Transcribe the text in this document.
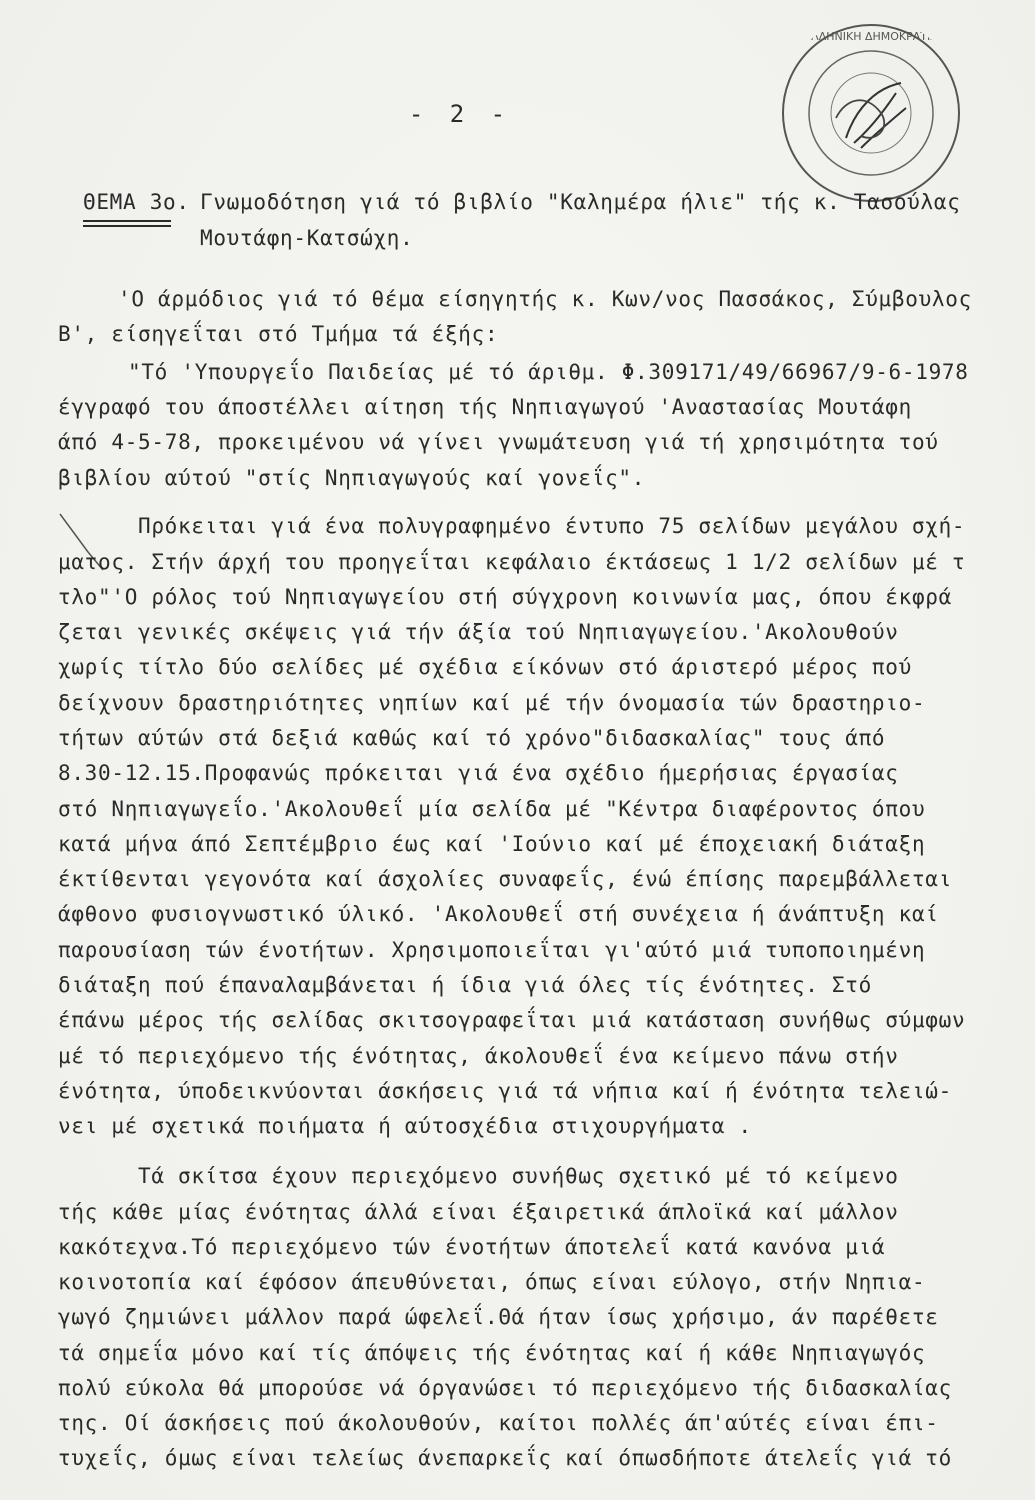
ΕΛΛΗΝΙΚΗ ΔΗΜΟΚΡΑΤΙΑ
- 2 -
ΘΕΜΑ 3ο. Γνωμοδότηση γιά τό βιβλίο "Καλημέρα ήλιε" τής κ. Τασούλας
Μουτάφη-Κατσώχη.
'Ο άρμόδιος γιά τό θέμα είσηγητής κ. Κων/νος Πασσάκος, Σύμβουλος
Β', είσηγεΐται στό Τμήμα τά έξής:
"Τό 'Υπουργεΐο Παιδείας μέ τό άριθμ. Φ.309171/49/66967/9-6-1978
έγγραφό του άποστέλλει αίτηση τής Νηπιαγωγού 'Αναστασίας Μουτάφη
άπό 4-5-78, προκειμένου νά γίνει γνωμάτευση γιά τή χρησιμότητα τού
βιβλίου αύτού "στίς Νηπιαγωγούς καί γονεΐς".
Πρόκειται γιά ένα πολυγραφημένο έντυπο 75 σελίδων μεγάλου σχή-
ματος. Στήν άρχή του προηγεΐται κεφάλαιο έκτάσεως 1 1/2 σελίδων μέ τ
τλο"'Ο ρόλος τού Νηπιαγωγείου στή σύγχρονη κοινωνία μας, όπου έκφρά
ζεται γενικές σκέψεις γιά τήν άξία τού Νηπιαγωγείου.'Ακολουθούν
χωρίς τίτλο δύο σελίδες μέ σχέδια είκόνων στό άριστερό μέρος πού
δείχνουν δραστηριότητες νηπίων καί μέ τήν όνομασία τών δραστηριο-
τήτων αύτών στά δεξιά καθώς καί τό χρόνο"διδασκαλίας" τους άπό
8.30-12.15.Προφανώς πρόκειται γιά ένα σχέδιο ήμερήσιας έργασίας
στό Νηπιαγωγεΐο.'Ακολουθεΐ μία σελίδα μέ "Κέντρα διαφέροντος όπου
κατά μήνα άπό Σεπτέμβριο έως καί 'Ιούνιο καί μέ έποχειακή διάταξη
έκτίθενται γεγονότα καί άσχολίες συναφεΐς, ένώ έπίσης παρεμβάλλεται
άφθονο φυσιογνωστικό ύλικό. 'Ακολουθεΐ στή συνέχεια ή άνάπτυξη καί
παρουσίαση τών ένοτήτων. Χρησιμοποιεΐται γι'αύτό μιά τυποποιημένη
διάταξη πού έπαναλαμβάνεται ή ίδια γιά όλες τίς ένότητες. Στό
έπάνω μέρος τής σελίδας σκιτσογραφεΐται μιά κατάσταση συνήθως σύμφων
μέ τό περιεχόμενο τής ένότητας, άκολουθεΐ ένα κείμενο πάνω στήν
ένότητα, ύποδεικνύονται άσκήσεις γιά τά νήπια καί ή ένότητα τελειώ-
νει μέ σχετικά ποιήματα ή αύτοσχέδια στιχουργήματα .
Τά σκίτσα έχουν περιεχόμενο συνήθως σχετικό μέ τό κείμενο
τής κάθε μίας ένότητας άλλά είναι έξαιρετικά άπλοϊκά καί μάλλον
κακότεχνα.Τό περιεχόμενο τών ένοτήτων άποτελεΐ κατά κανόνα μιά
κοινοτοπία καί έφόσον άπευθύνεται, όπως είναι εύλογο, στήν Νηπια-
γωγό ζημιώνει μάλλον παρά ώφελεΐ.Θά ήταν ίσως χρήσιμο, άν παρέθετε
τά σημεΐα μόνο καί τίς άπόψεις τής ένότητας καί ή κάθε Νηπιαγωγός
πολύ εύκολα θά μπορούσε νά όργανώσει τό περιεχόμενο τής διδασκαλίας
της. Οί άσκήσεις πού άκολουθούν, καίτοι πολλές άπ'αύτές είναι έπι-
τυχεΐς, όμως είναι τελείως άνεπαρκεΐς καί όπωσδήποτε άτελεΐς γιά τό
